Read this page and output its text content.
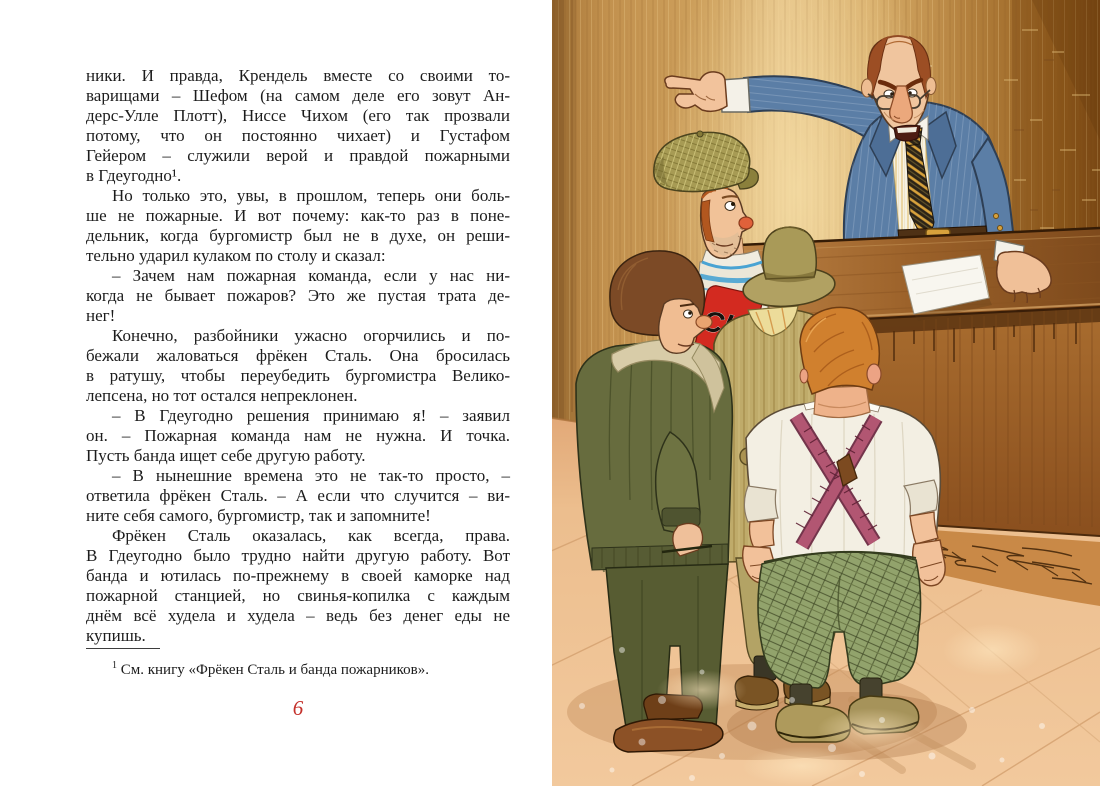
ники. И правда, Крендель вместе со своими то-
варищами – Шефом (на самом деле его зовут Ан-
дерс-Улле Плотт), Ниссе Чихом (его так прозвали
потому, что он постоянно чихает) и Густафом
Гейером – служили верой и правдой пожарными
в Гдеугодно¹.
Но только это, увы, в прошлом, теперь они боль-
ше не пожарные. И вот почему: как-то раз в поне-
дельник, когда бургомистр был не в духе, он реши-
тельно ударил кулаком по столу и сказал:
– Зачем нам пожарная команда, если у нас ни-
когда не бывает пожаров? Это же пустая трата де-
нег!
Конечно, разбойники ужасно огорчились и по-
бежали жаловаться фрёкен Сталь. Она бросилась
в ратушу, чтобы переубедить бургомистра Велико-
лепсена, но тот остался непреклонен.
– В Гдеугодно решения принимаю я! – заявил
он. – Пожарная команда нам не нужна. И точка.
Пусть банда ищет себе другую работу.
– В нынешние времена это не так-то просто, –
ответила фрёкен Сталь. – А если что случится – ви-
ните себя самого, бургомистр, так и запомните!
Фрёкен Сталь оказалась, как всегда, права.
В Гдеугодно было трудно найти другую работу. Вот
банда и ютилась по-прежнему в своей каморке над
пожарной станцией, но свинья-копилка с каждым
днём всё худела и худела – ведь без денег еды не
купишь.
$^1$ См. книгу «Фрёкен Сталь и банда пожарников».
6
